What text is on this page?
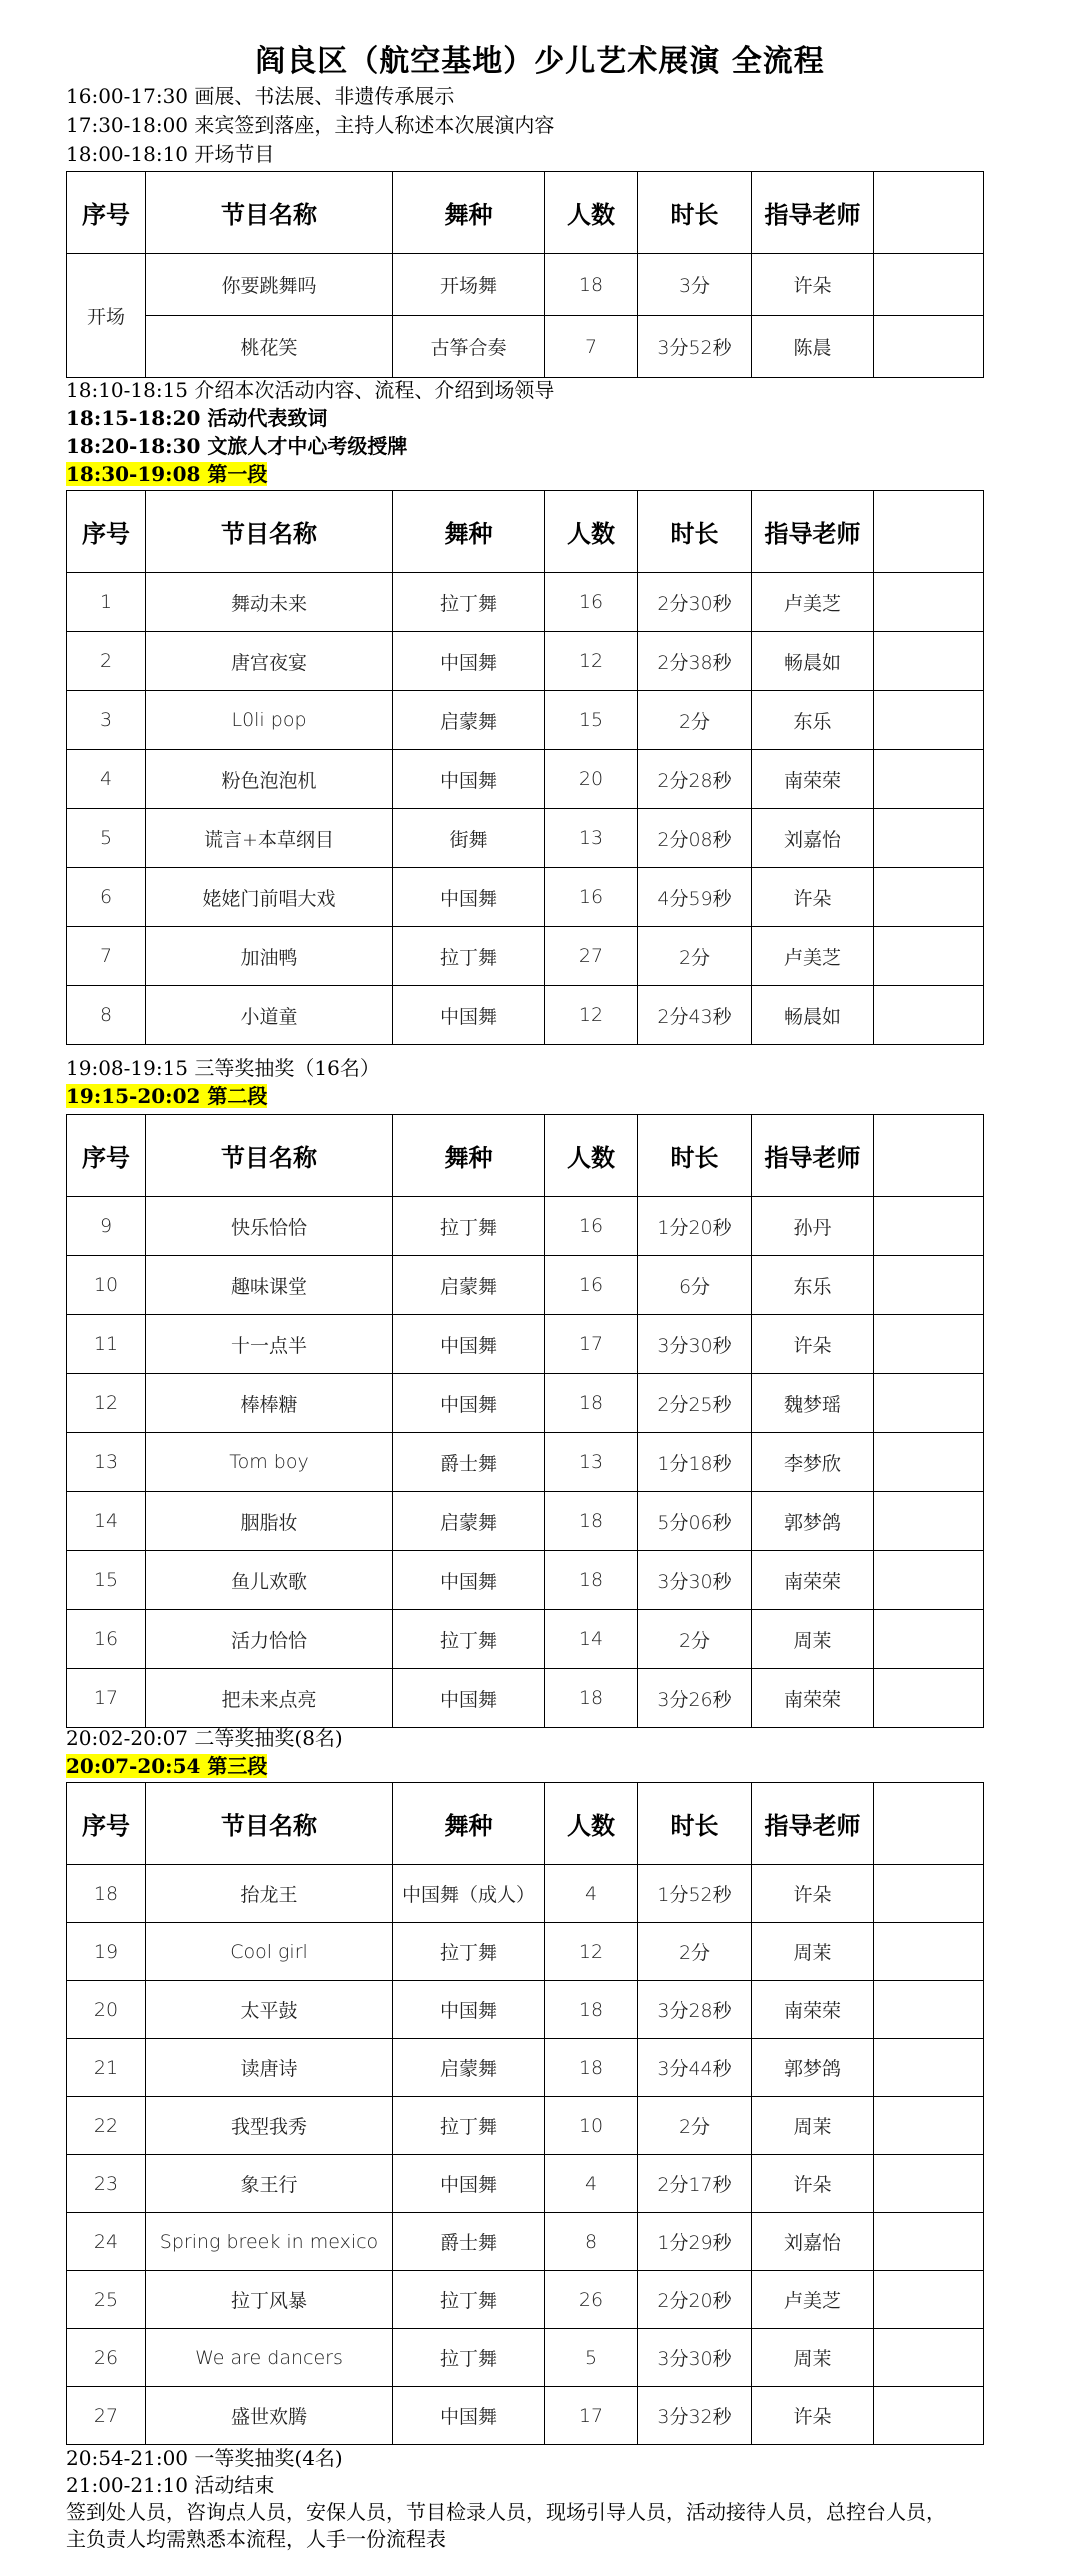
阎良区（航空基地）少儿艺术展演 全流程
16:00-17:30 画展、书法展、非遗传承展示
17:30-18:00 来宾签到落座，主持人称述本次展演内容
18:00-18:10 开场节目
序号	节目名称	舞种	人数	时长	指导老师	
开场	你要跳舞吗	开场舞	18	3分	许朵	
	桃花笑	古筝合奏	7	3分52秒	陈晨	
18:10-18:15 介绍本次活动内容、流程、介绍到场领导
18:15-18:20 活动代表致词
18:20-18:30 文旅人才中心考级授牌
18:30-19:08 第一段
序号	节目名称	舞种	人数	时长	指导老师	
1	舞动未来	拉丁舞	16	2分30秒	卢美芝	
2	唐宫夜宴	中国舞	12	2分38秒	畅晨如	
3	L0li pop	启蒙舞	15	2分	东乐	
4	粉色泡泡机	中国舞	20	2分28秒	南荣荣	
5	谎言+本草纲目	街舞	13	2分08秒	刘嘉怡	
6	姥姥门前唱大戏	中国舞	16	4分59秒	许朵	
7	加油鸭	拉丁舞	27	2分	卢美芝	
8	小道童	中国舞	12	2分43秒	畅晨如	
19:08-19:15 三等奖抽奖（16名）
19:15-20:02 第二段
序号	节目名称	舞种	人数	时长	指导老师	
9	快乐恰恰	拉丁舞	16	1分20秒	孙丹	
10	趣味课堂	启蒙舞	16	6分	东乐	
11	十一点半	中国舞	17	3分30秒	许朵	
12	棒棒糖	中国舞	18	2分25秒	魏梦瑶	
13	Tom boy	爵士舞	13	1分18秒	李梦欣	
14	胭脂妆	启蒙舞	18	5分06秒	郭梦鸽	
15	鱼儿欢歌	中国舞	18	3分30秒	南荣荣	
16	活力恰恰	拉丁舞	14	2分	周茉	
17	把未来点亮	中国舞	18	3分26秒	南荣荣	
20:02-20:07 二等奖抽奖(8名)
20:07-20:54 第三段
序号	节目名称	舞种	人数	时长	指导老师	
18	抬龙王	中国舞（成人）	4	1分52秒	许朵	
19	Cool girl	拉丁舞	12	2分	周茉	
20	太平鼓	中国舞	18	3分28秒	南荣荣	
21	读唐诗	启蒙舞	18	3分44秒	郭梦鸽	
22	我型我秀	拉丁舞	10	2分	周茉	
23	象王行	中国舞	4	2分17秒	许朵	
24	Spring breek in mexico	爵士舞	8	1分29秒	刘嘉怡	
25	拉丁风暴	拉丁舞	26	2分20秒	卢美芝	
26	We are dancers	拉丁舞	5	3分30秒	周茉	
27	盛世欢腾	中国舞	17	3分32秒	许朵	
20:54-21:00 一等奖抽奖(4名)
21:00-21:10 活动结束
签到处人员，咨询点人员，安保人员，节目检录人员，现场引导人员，活动接待人员，总控台人员，
主负责人均需熟悉本流程，人手一份流程表
